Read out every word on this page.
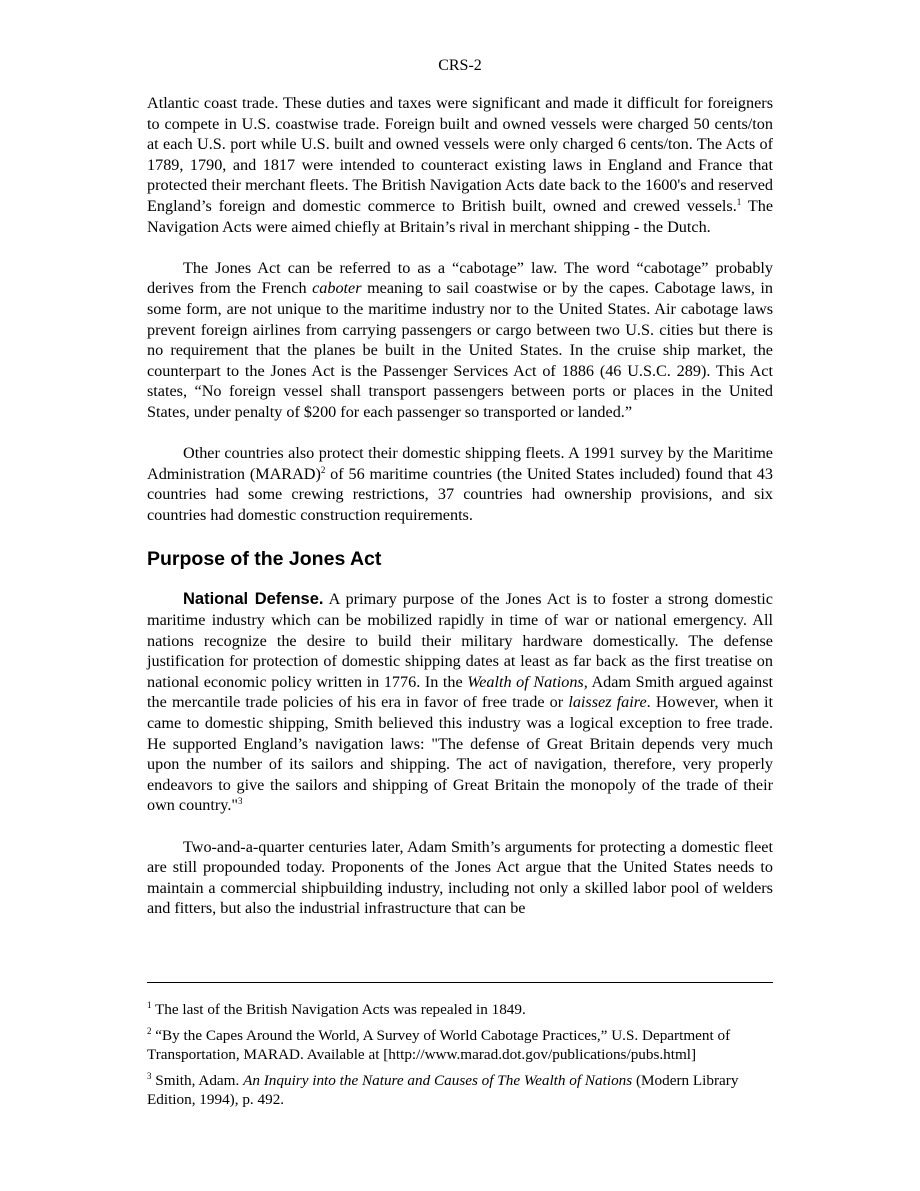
CRS-2

Atlantic coast trade. These duties and taxes were significant and made it difficult for foreigners to compete in U.S. coastwise trade. Foreign built and owned vessels were charged 50 cents/ton at each U.S. port while U.S. built and owned vessels were only charged 6 cents/ton. The Acts of 1789, 1790, and 1817 were intended to counteract existing laws in England and France that protected their merchant fleets. The British Navigation Acts date back to the 1600's and reserved England’s foreign and domestic commerce to British built, owned and crewed vessels.$^1$ The Navigation Acts were aimed chiefly at Britain’s rival in merchant shipping - the Dutch.

The Jones Act can be referred to as a “cabotage” law. The word “cabotage” probably derives from the French caboter meaning to sail coastwise or by the capes. Cabotage laws, in some form, are not unique to the maritime industry nor to the United States. Air cabotage laws prevent foreign airlines from carrying passengers or cargo between two U.S. cities but there is no requirement that the planes be built in the United States. In the cruise ship market, the counterpart to the Jones Act is the Passenger Services Act of 1886 (46 U.S.C. 289). This Act states, “No foreign vessel shall transport passengers between ports or places in the United States, under penalty of $200 for each passenger so transported or landed.”

Other countries also protect their domestic shipping fleets. A 1991 survey by the Maritime Administration (MARAD)$^2$ of 56 maritime countries (the United States included) found that 43 countries had some crewing restrictions, 37 countries had ownership provisions, and six countries had domestic construction requirements.

Purpose of the Jones Act

National Defense. A primary purpose of the Jones Act is to foster a strong domestic maritime industry which can be mobilized rapidly in time of war or national emergency. All nations recognize the desire to build their military hardware domestically. The defense justification for protection of domestic shipping dates at least as far back as the first treatise on national economic policy written in 1776. In the Wealth of Nations, Adam Smith argued against the mercantile trade policies of his era in favor of free trade or laissez faire. However, when it came to domestic shipping, Smith believed this industry was a logical exception to free trade. He supported England’s navigation laws: "The defense of Great Britain depends very much upon the number of its sailors and shipping. The act of navigation, therefore, very properly endeavors to give the sailors and shipping of Great Britain the monopoly of the trade of their own country."$^3$

Two-and-a-quarter centuries later, Adam Smith’s arguments for protecting a domestic fleet are still propounded today. Proponents of the Jones Act argue that the United States needs to maintain a commercial shipbuilding industry, including not only a skilled labor pool of welders and fitters, but also the industrial infrastructure that can be

$^1$ The last of the British Navigation Acts was repealed in 1849.

$^2$ “By the Capes Around the World, A Survey of World Cabotage Practices,” U.S. Department of Transportation, MARAD. Available at [http://www.marad.dot.gov/publications/pubs.html]

$^3$ Smith, Adam. An Inquiry into the Nature and Causes of The Wealth of Nations (Modern Library Edition, 1994), p. 492.
